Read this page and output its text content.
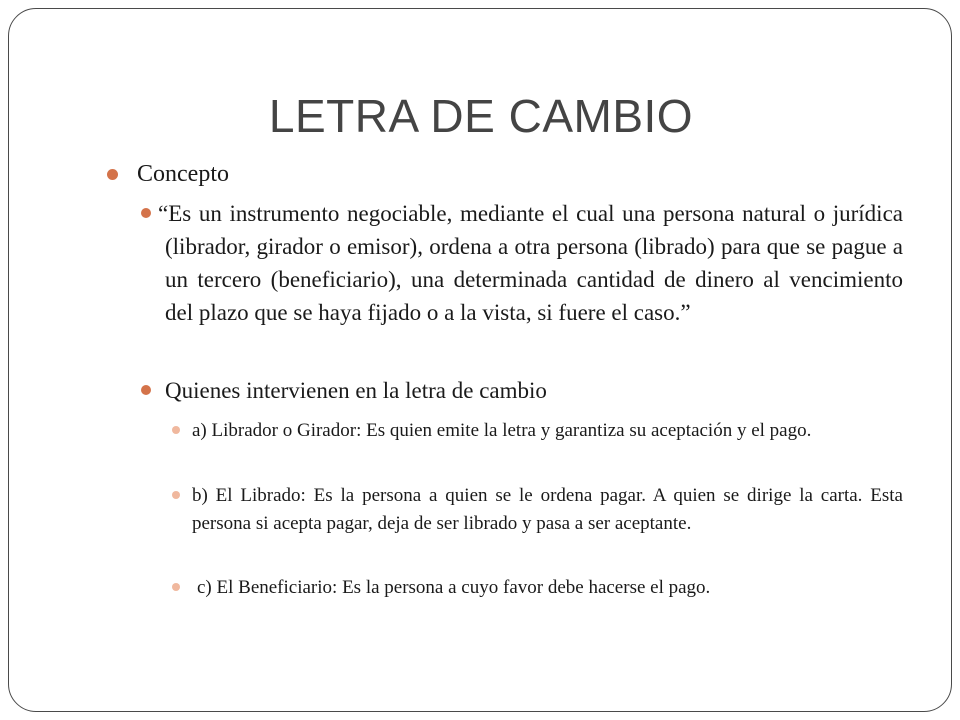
LETRA DE CAMBIO
Concepto
“Es un instrumento negociable, mediante el cual una persona natural o jurídica (librador, girador o emisor), ordena a otra persona (librado) para que se pague a un tercero (beneficiario), una determinada cantidad de dinero al vencimiento del plazo que se haya fijado o a la vista, si fuere el caso.”
Quienes intervienen en la letra de cambio
a) Librador o Girador: Es quien emite la letra y garantiza su aceptación y el pago.
b) El Librado: Es la persona a quien se le ordena pagar. A quien se dirige la carta. Esta persona si acepta pagar, deja de ser librado y pasa a ser aceptante.
c) El Beneficiario: Es la persona a cuyo favor debe hacerse el pago.
